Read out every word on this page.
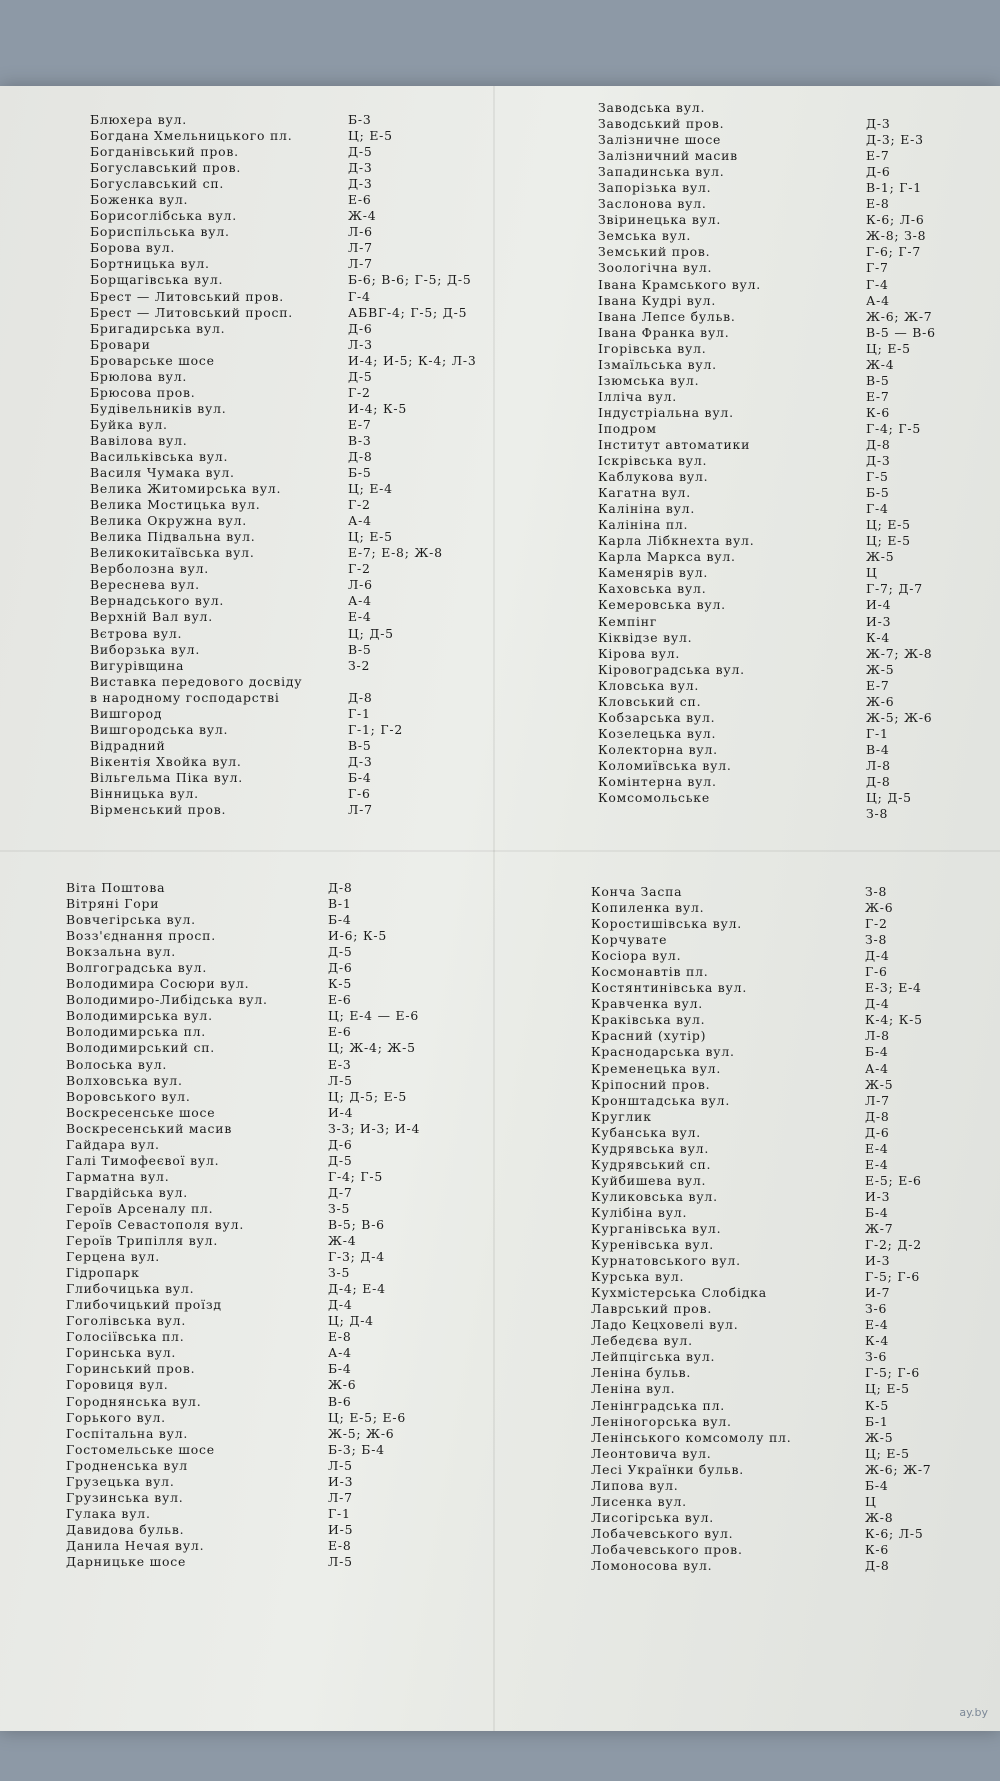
Блюхера вул.	Б-3
Богдана Хмельницького пл.	Ц; Е-5
Богданівський пров.	Д-5
Богуславський пров.	Д-3
Богуславський сп.	Д-3
Боженка вул.	Е-6
Борисоглібська вул.	Ж-4
Бориспільська вул.	Л-6
Борова вул.	Л-7
Бортницька вул.	Л-7
Борщагівська вул.	Б-6; В-6; Г-5; Д-5
Брест — Литовський пров.	Г-4
Брест — Литовський просп.	АБВГ-4; Г-5; Д-5
Бригадирська вул.	Д-6
Бровари	Л-3
Броварське шосе	И-4; И-5; К-4; Л-3
Брюлова вул.	Д-5
Брюсова пров.	Г-2
Будівельників вул.	И-4; К-5
Буйка вул.	Е-7
Вавілова вул.	В-3
Васильківська вул.	Д-8
Василя Чумака вул.	Б-5
Велика Житомирська вул.	Ц; Е-4
Велика Мостицька вул.	Г-2
Велика Окружна вул.	А-4
Велика Підвальна вул.	Ц; Е-5
Великокитаївська вул.	Е-7; Е-8; Ж-8
Верболозна вул.	Г-2
Вереснева вул.	Л-6
Вернадського вул.	А-4
Верхній Вал вул.	Е-4
Вєтрова вул.	Ц; Д-5
Виборзька вул.	В-5
Вигурівщина	З-2
Виставка передового досвіду
в народному господарстві	Д-8
Вишгород	Г-1
Вишгородська вул.	Г-1; Г-2
Відрадний	В-5
Вікентія Хвойка вул.	Д-3
Вільгельма Піка вул.	Б-4
Вінницька вул.	Г-6
Вірменський пров.	Л-7
Заводська вул.
Заводський пров.	Д-3
Залізничне шосе	Д-3; Е-3
Залізничний масив	Е-7
Западинська вул.	Д-6
Запорізька вул.	В-1; Г-1
Заслонова вул.	Е-8
Звіринецька вул.	К-6; Л-6
Земська вул.	Ж-8; З-8
Земський пров.	Г-6; Г-7
Зоологічна вул.	Г-7
Івана Крамського вул.	Г-4
Івана Кудрі вул.	А-4
Івана Лепсе бульв.	Ж-6; Ж-7
Івана Франка вул.	В-5 — В-6
Ігорівська вул.	Ц; Е-5
Ізмаїльська вул.	Ж-4
Ізюмська вул.	В-5
Ілліча вул.	Е-7
Індустріальна вул.	К-6
Іподром	Г-4; Г-5
Інститут автоматики	Д-8
Іскрівська вул.	Д-3
Каблукова вул.	Г-5
Кагатна вул.	Б-5
Калініна вул.	Г-4
Калініна пл.	Ц; Е-5
Карла Лібкнехта вул.	Ц; Е-5
Карла Маркса вул.	Ж-5
Каменярів вул.	Ц
Каховська вул.	Г-7; Д-7
Кемеровська вул.	И-4
Кемпінг	И-3
Кіквідзе вул.	К-4
Кірова вул.	Ж-7; Ж-8
Кіровоградська вул.	Ж-5
Кловська вул.	Е-7
Кловський сп.	Ж-6
Кобзарська вул.	Ж-5; Ж-6
Козелецька вул.	Г-1
Колекторна вул.	В-4
Коломиївська вул.	Л-8
Комінтерна вул.	Д-8
Комсомольське	Ц; Д-5
З-8
Віта Поштова	Д-8
Вітряні Гори	В-1
Вовчегірська вул.	Б-4
Возз'єднання просп.	И-6; К-5
Вокзальна вул.	Д-5
Волгоградська вул.	Д-6
Володимира Сосюри вул.	К-5
Володимиро-Либідська вул.	Е-6
Володимирська вул.	Ц; Е-4 — Е-6
Володимирська пл.	Е-6
Володимирський сп.	Ц; Ж-4; Ж-5
Волоська вул.	Е-3
Волховська вул.	Л-5
Воровського вул.	Ц; Д-5; Е-5
Воскресенське шосе	И-4
Воскресенський масив	З-3; И-3; И-4
Гайдара вул.	Д-6
Галі Тимофеєвої вул.	Д-5
Гарматна вул.	Г-4; Г-5
Гвардійська вул.	Д-7
Героїв Арсеналу пл.	З-5
Героїв Севастополя вул.	В-5; В-6
Героїв Трипілля вул.	Ж-4
Герцена вул.	Г-3; Д-4
Гідропарк	З-5
Глибочицька вул.	Д-4; Е-4
Глибочицький проїзд	Д-4
Гоголівська вул.	Ц; Д-4
Голосіївська пл.	Е-8
Горинська вул.	А-4
Горинський пров.	Б-4
Горовиця вул.	Ж-6
Городнянська вул.	В-6
Горького вул.	Ц; Е-5; Е-6
Госпітальна вул.	Ж-5; Ж-6
Гостомельське шосе	Б-3; Б-4
Гродненська вул	Л-5
Грузецька вул.	И-3
Грузинська вул.	Л-7
Гулака вул.	Г-1
Давидова бульв.	И-5
Данила Нечая вул.	Е-8
Дарницьке шосе	Л-5
Конча Заспа	З-8
Копиленка вул.	Ж-6
Коростишівська вул.	Г-2
Корчувате	З-8
Косіора вул.	Д-4
Космонавтів пл.	Г-6
Костянтинівська вул.	Е-3; Е-4
Кравченка вул.	Д-4
Краківська вул.	К-4; К-5
Красний (хутір)	Л-8
Краснодарська вул.	Б-4
Кременецька вул.	А-4
Кріпосний пров.	Ж-5
Кронштадська вул.	Л-7
Круглик	Д-8
Кубанська вул.	Д-6
Кудрявська вул.	Е-4
Кудрявський сп.	Е-4
Куйбишева вул.	Е-5; Е-6
Куликовська вул.	И-3
Кулібіна вул.	Б-4
Курганівська вул.	Ж-7
Куренівська вул.	Г-2; Д-2
Курнатовського вул.	И-3
Курська вул.	Г-5; Г-6
Кухмістерська Слобідка	И-7
Лаврський пров.	З-6
Ладо Кецховелі вул.	Е-4
Лебедєва вул.	К-4
Лейпцігська вул.	З-6
Леніна бульв.	Г-5; Г-6
Леніна вул.	Ц; Е-5
Ленінградська пл.	К-5
Леніногорська вул.	Б-1
Ленінського комсомолу пл.	Ж-5
Леонтовича вул.	Ц; Е-5
Лесі Українки бульв.	Ж-6; Ж-7
Липова вул.	Б-4
Лисенка вул.	Ц
Лисогірська вул.	Ж-8
Лобачевського вул.	К-6; Л-5
Лобачевського пров.	К-6
Ломоносова вул.	Д-8
ay.by
